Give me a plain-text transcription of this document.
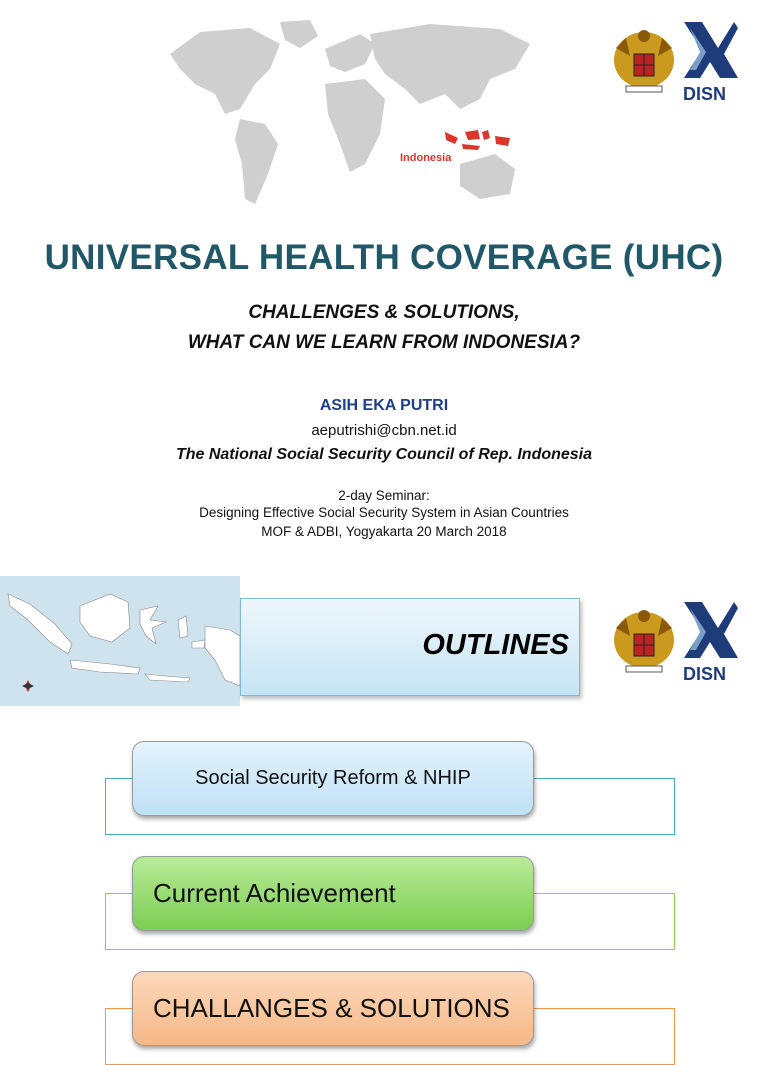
Indonesia
DISN
UNIVERSAL HEALTH COVERAGE (UHC)
CHALLENGES & SOLUTIONS,
WHAT CAN WE LEARN FROM INDONESIA?
ASIH EKA PUTRI
aeputrishi@cbn.net.id
The National Social Security Council of Rep. Indonesia
2-day Seminar:
Designing Effective Social Security System in Asian Countries
MOF & ADBI, Yogyakarta 20 March 2018
OUTLINES
DISN
Social Security Reform & NHIP
Current Achievement
CHALLANGES & SOLUTIONS
